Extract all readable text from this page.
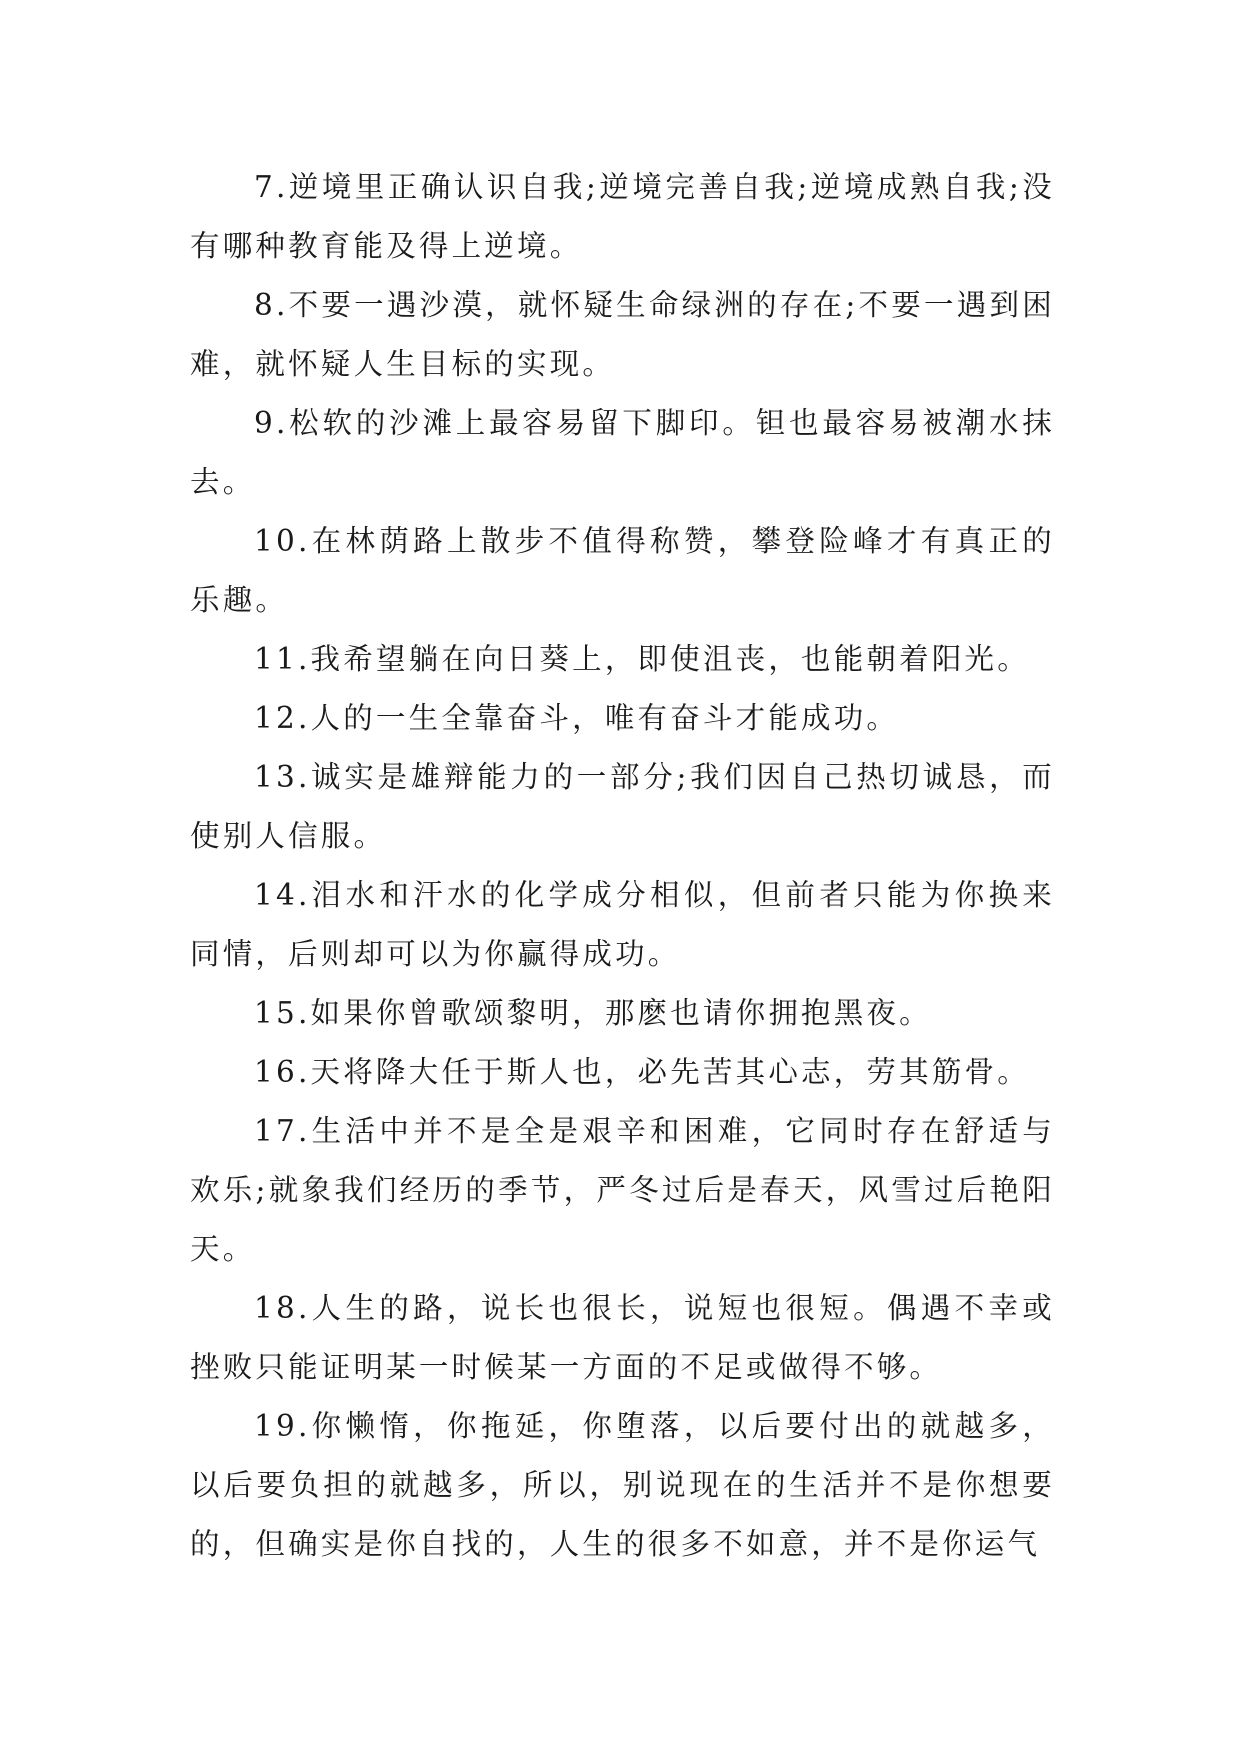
7.逆境里正确认识自我;逆境完善自我;逆境成熟自我;没有哪种教育能及得上逆境。

8.不要一遇沙漠，就怀疑生命绿洲的存在;不要一遇到困难，就怀疑人生目标的实现。

9.松软的沙滩上最容易留下脚印。钽也最容易被潮水抹去。

10.在林荫路上散步不值得称赞，攀登险峰才有真正的乐趣。

11.我希望躺在向日葵上，即使沮丧，也能朝着阳光。

12.人的一生全靠奋斗，唯有奋斗才能成功。

13.诚实是雄辩能力的一部分;我们因自己热切诚恳，而使别人信服。

14.泪水和汗水的化学成分相似，但前者只能为你换来同情，后则却可以为你赢得成功。

15.如果你曾歌颂黎明，那麽也请你拥抱黑夜。

16.天将降大任于斯人也，必先苦其心志，劳其筋骨。

17.生活中并不是全是艰辛和困难，它同时存在舒适与欢乐;就象我们经历的季节，严冬过后是春天，风雪过后艳阳天。

18.人生的路，说长也很长，说短也很短。偶遇不幸或挫败只能证明某一时候某一方面的不足或做得不够。

19.你懒惰，你拖延，你堕落，以后要付出的就越多，以后要负担的就越多，所以，别说现在的生活并不是你想要的，但确实是你自找的，人生的很多不如意，并不是你运气
